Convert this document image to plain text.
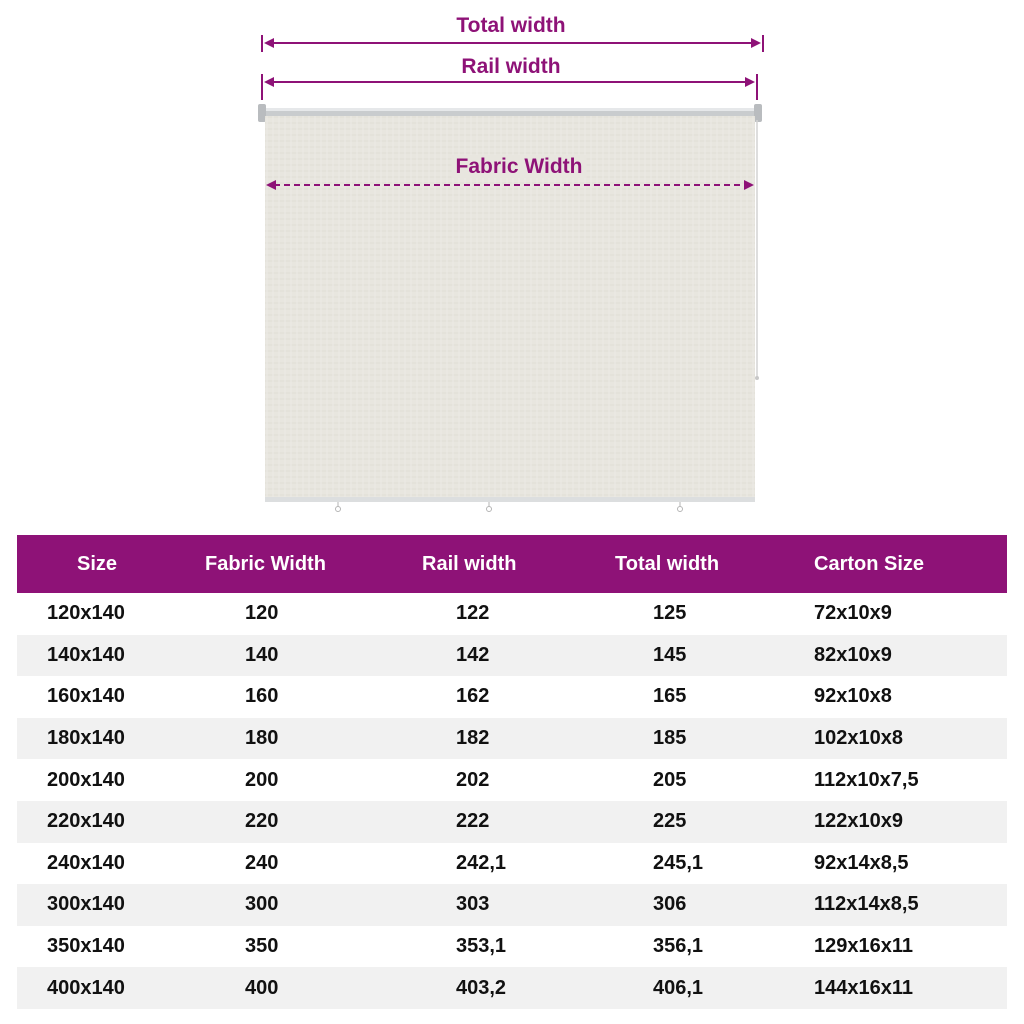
Total width
Rail width
Fabric Width
Size	Fabric Width	Rail width	Total width	Carton Size
120x140	120	122	125	72x10x9
140x140	140	142	145	82x10x9
160x140	160	162	165	92x10x8
180x140	180	182	185	102x10x8
200x140	200	202	205	112x10x7,5
220x140	220	222	225	122x10x9
240x140	240	242,1	245,1	92x14x8,5
300x140	300	303	306	112x14x8,5
350x140	350	353,1	356,1	129x16x11
400x140	400	403,2	406,1	144x16x11
